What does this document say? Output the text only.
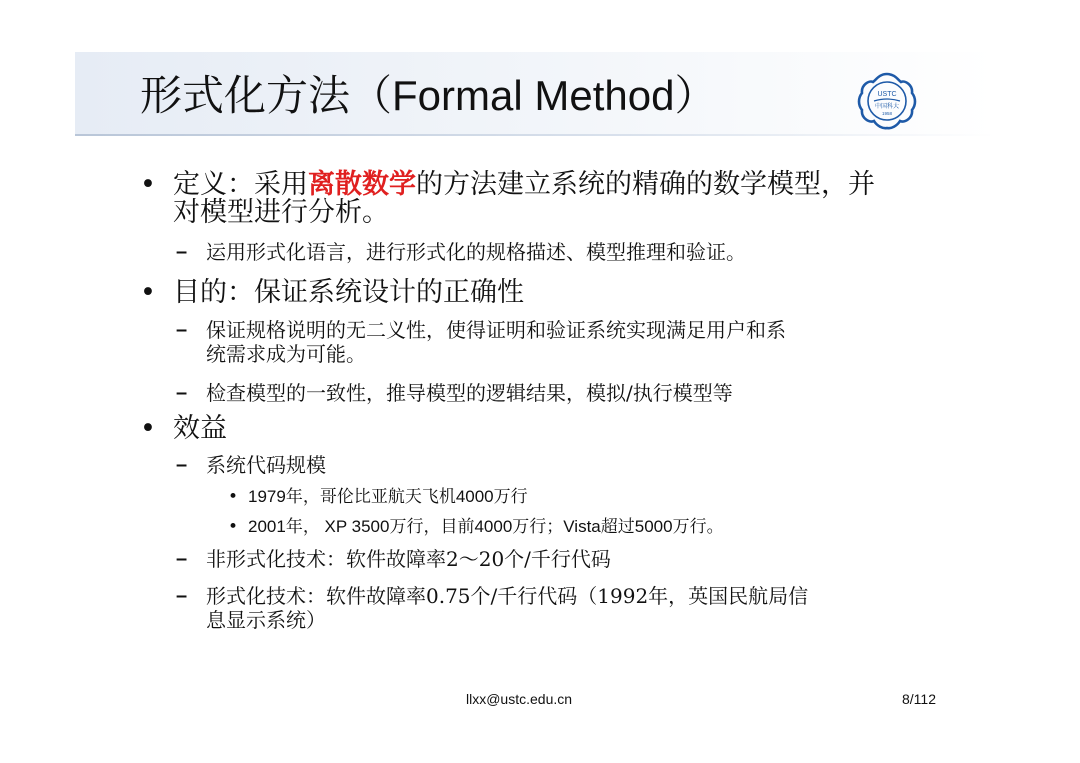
形式化方法（Formal Method）	USTC
中国科大
1958
• 定义：采用离散数学的方法建立系统的精确的数学模型，并
对模型进行分析。
– 运用形式化语言，进行形式化的规格描述、模型推理和验证。
• 目的：保证系统设计的正确性
– 保证规格说明的无二义性，使得证明和验证系统实现满足用户和系
统需求成为可能。
– 检查模型的一致性，推导模型的逻辑结果，模拟/执行模型等
• 效益
– 系统代码规模
• 1979年，哥伦比亚航天飞机4000万行
• 2001年， XP 3500万行，目前4000万行；Vista超过5000万行。
– 非形式化技术：软件故障率2～20个/千行代码
– 形式化技术：软件故障率0.75个/千行代码（1992年，英国民航局信
息显示系统）
llxx@ustc.edu.cn	8/112
